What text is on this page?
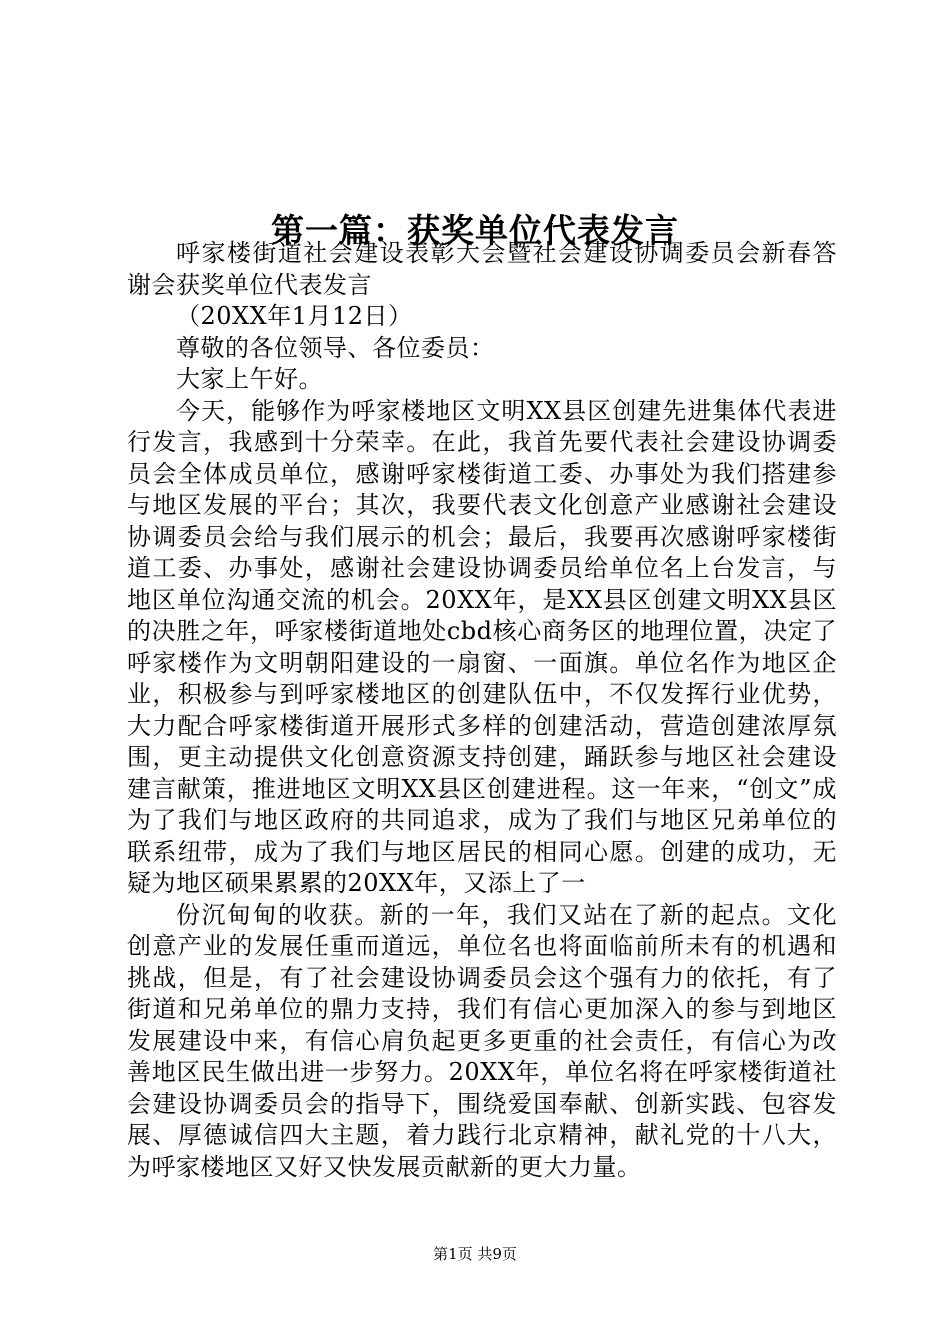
第一篇：获奖单位代表发言

呼家楼街道社会建设表彰大会暨社会建设协调委员会新春答谢会获奖单位代表发言

（20XX年1月12日）

尊敬的各位领导、各位委员：

大家上午好。

今天，能够作为呼家楼地区文明XX县区创建先进集体代表进行发言，我感到十分荣幸。在此，我首先要代表社会建设协调委员会全体成员单位，感谢呼家楼街道工委、办事处为我们搭建参与地区发展的平台；其次，我要代表文化创意产业感谢社会建设协调委员会给与我们展示的机会；最后，我要再次感谢呼家楼街道工委、办事处，感谢社会建设协调委员给单位名上台发言，与地区单位沟通交流的机会。20XX年，是XX县区创建文明XX县区的决胜之年，呼家楼街道地处cbd核心商务区的地理位置，决定了呼家楼作为文明朝阳建设的一扇窗、一面旗。单位名作为地区企业，积极参与到呼家楼地区的创建队伍中，不仅发挥行业优势，大力配合呼家楼街道开展形式多样的创建活动，营造创建浓厚氛围，更主动提供文化创意资源支持创建，踊跃参与地区社会建设建言献策，推进地区文明XX县区创建进程。这一年来，“创文”成为了我们与地区政府的共同追求，成为了我们与地区兄弟单位的联系纽带，成为了我们与地区居民的相同心愿。创建的成功，无疑为地区硕果累累的20XX年，又添上了一

份沉甸甸的收获。新的一年，我们又站在了新的起点。文化创意产业的发展任重而道远，单位名也将面临前所未有的机遇和挑战，但是，有了社会建设协调委员会这个强有力的依托，有了街道和兄弟单位的鼎力支持，我们有信心更加深入的参与到地区发展建设中来，有信心肩负起更多更重的社会责任，有信心为改善地区民生做出进一步努力。20XX年，单位名将在呼家楼街道社会建设协调委员会的指导下，围绕爱国奉献、创新实践、包容发展、厚德诚信四大主题，着力践行北京精神，献礼党的十八大，为呼家楼地区又好又快发展贡献新的更大力量。

第1页 共9页
